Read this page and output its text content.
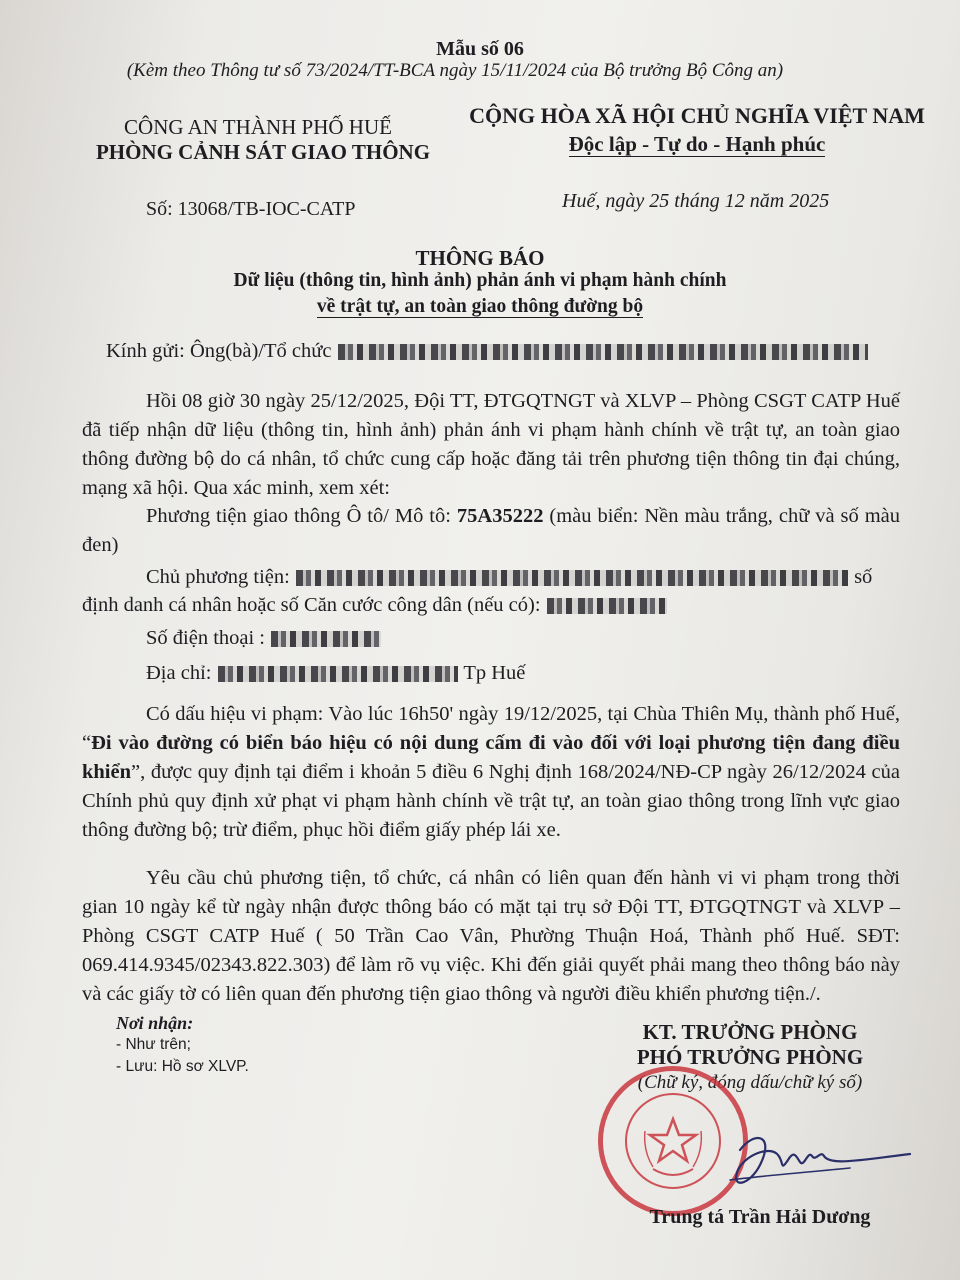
Mẫu số 06
(Kèm theo Thông tư số 73/2024/TT-BCA ngày 15/11/2024 của Bộ trưởng Bộ Công an)
CÔNG AN THÀNH PHỐ HUẾ
PHÒNG CẢNH SÁT GIAO THÔNG
CỘNG HÒA XÃ HỘI CHỦ NGHĨA VIỆT NAM
Độc lập - Tự do - Hạnh phúc
Số: 13068/TB-IOC-CATP	Huế, ngày 25 tháng 12 năm 2025
THÔNG BÁO
Dữ liệu (thông tin, hình ảnh) phản ánh vi phạm hành chính
về trật tự, an toàn giao thông đường bộ
Kính gửi: Ông(bà)/Tổ chức
Hồi 08 giờ 30 ngày 25/12/2025, Đội TT, ĐTGQTNGT và XLVP – Phòng CSGT CATP Huế đã tiếp nhận dữ liệu (thông tin, hình ảnh) phản ánh vi phạm hành chính về trật tự, an toàn giao thông đường bộ do cá nhân, tổ chức cung cấp hoặc đăng tải trên phương tiện thông tin đại chúng, mạng xã hội. Qua xác minh, xem xét:
Phương tiện giao thông Ô tô/ Mô tô: 75A35222 (màu biển: Nền màu trắng, chữ và số màu đen)
Chủ phương tiện:	số
định danh cá nhân hoặc số Căn cước công dân (nếu có):
Số điện thoại :
Địa chỉ:	Tp Huế
Có dấu hiệu vi phạm: Vào lúc 16h50' ngày 19/12/2025, tại Chùa Thiên Mụ, thành phố Huế, “Đi vào đường có biển báo hiệu có nội dung cấm đi vào đối với loại phương tiện đang điều khiển”, được quy định tại điểm i khoản 5 điều 6 Nghị định 168/2024/NĐ-CP ngày 26/12/2024 của Chính phủ quy định xử phạt vi phạm hành chính về trật tự, an toàn giao thông trong lĩnh vực giao thông đường bộ; trừ điểm, phục hồi điểm giấy phép lái xe.
Yêu cầu chủ phương tiện, tổ chức, cá nhân có liên quan đến hành vi vi phạm trong thời gian 10 ngày kể từ ngày nhận được thông báo có mặt tại trụ sở Đội TT, ĐTGQTNGT và XLVP – Phòng CSGT CATP Huế ( 50 Trần Cao Vân, Phường Thuận Hoá, Thành phố Huế. SĐT: 069.414.9345/02343.822.303) để làm rõ vụ việc. Khi đến giải quyết phải mang theo thông báo này và các giấy tờ có liên quan đến phương tiện giao thông và người điều khiển phương tiện./.
Nơi nhận:
- Như trên;
- Lưu: Hồ sơ XLVP.
KT. TRƯỞNG PHÒNG
PHÓ TRƯỞNG PHÒNG
(Chữ ký, đóng dấu/chữ ký số)
Trung tá Trần Hải Dương
